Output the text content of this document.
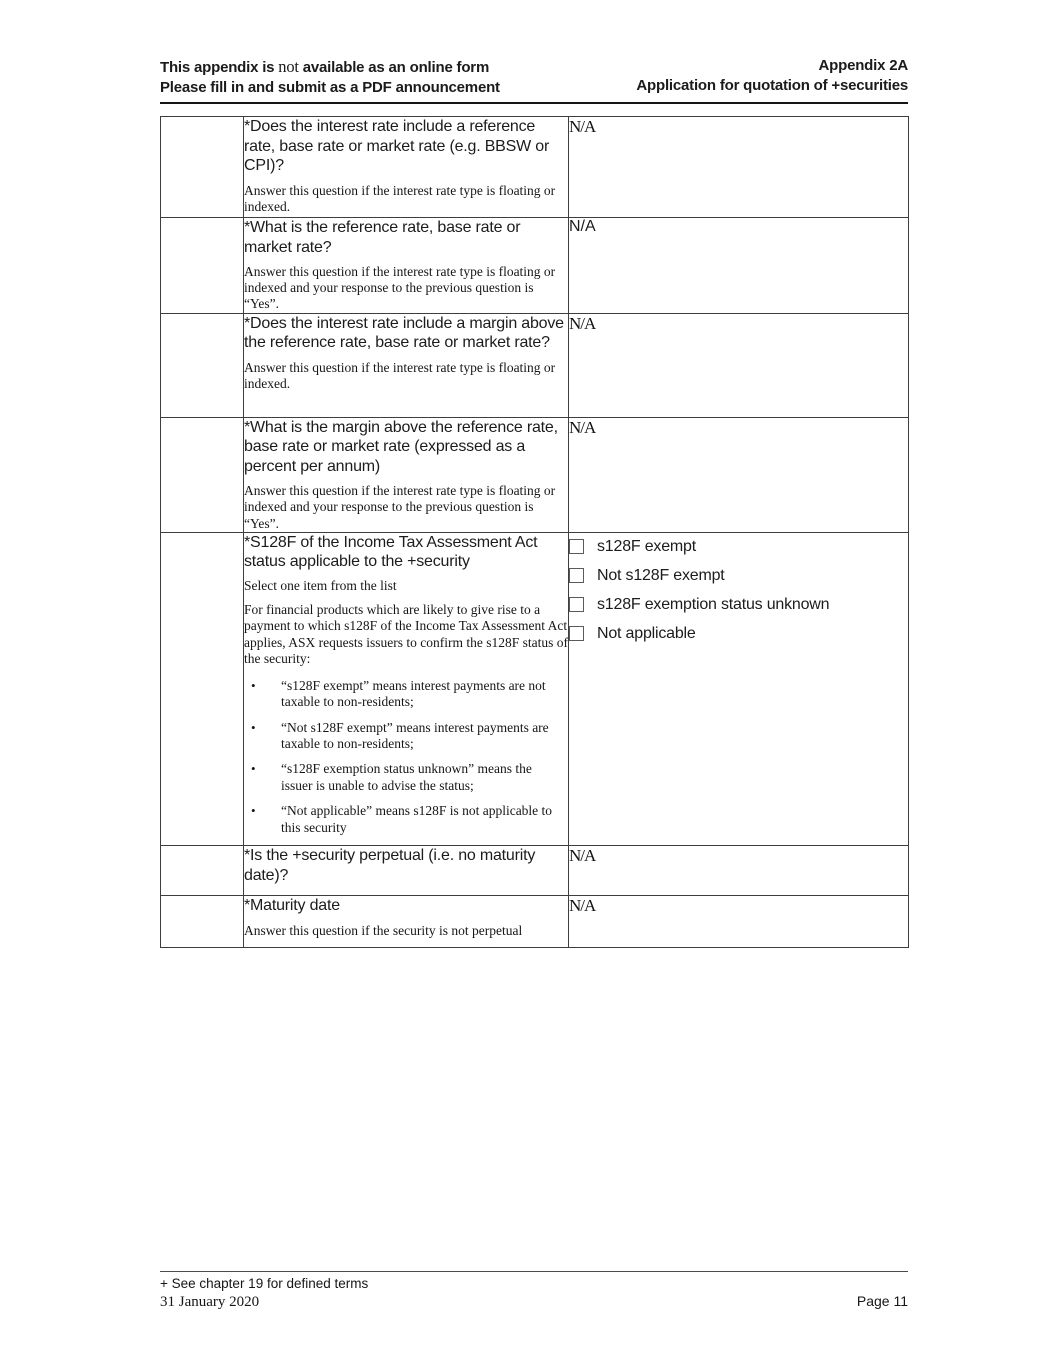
This appendix is not available as an online form
Please fill in and submit as a PDF announcement
Appendix 2A
Application for quotation of +securities

	*Does the interest rate include a reference rate, base rate or market rate (e.g. BBSW or CPI)?
Answer this question if the interest rate type is floating or indexed.	N/A

	*What is the reference rate, base rate or market rate?
Answer this question if the interest rate type is floating or indexed and your response to the previous question is “Yes”.	N/A

	*Does the interest rate include a margin above the reference rate, base rate or market rate?
Answer this question if the interest rate type is floating or indexed.	N/A

	*What is the margin above the reference rate, base rate or market rate (expressed as a percent per annum)
Answer this question if the interest rate type is floating or indexed and your response to the previous question is “Yes”.	N/A

*S128F of the Income Tax Assessment Act status applicable to the +security
Select one item from the list
For financial products which are likely to give rise to a payment to which s128F of the Income Tax Assessment Act applies, ASX requests issuers to confirm the s128F status of the security:
•	“s128F exempt” means interest payments are not taxable to non-residents;
•	“Not s128F exempt” means interest payments are taxable to non-residents;
•	“s128F exemption status unknown” means the issuer is unable to advise the status;
•	“Not applicable” means s128F is not applicable to this security

s128F exempt
Not s128F exempt
s128F exemption status unknown
Not applicable

	*Is the +security perpetual (i.e. no maturity date)?	N/A

	*Maturity date
Answer this question if the security is not perpetual	N/A
+ See chapter 19 for defined terms
31 January 2020	Page 11
